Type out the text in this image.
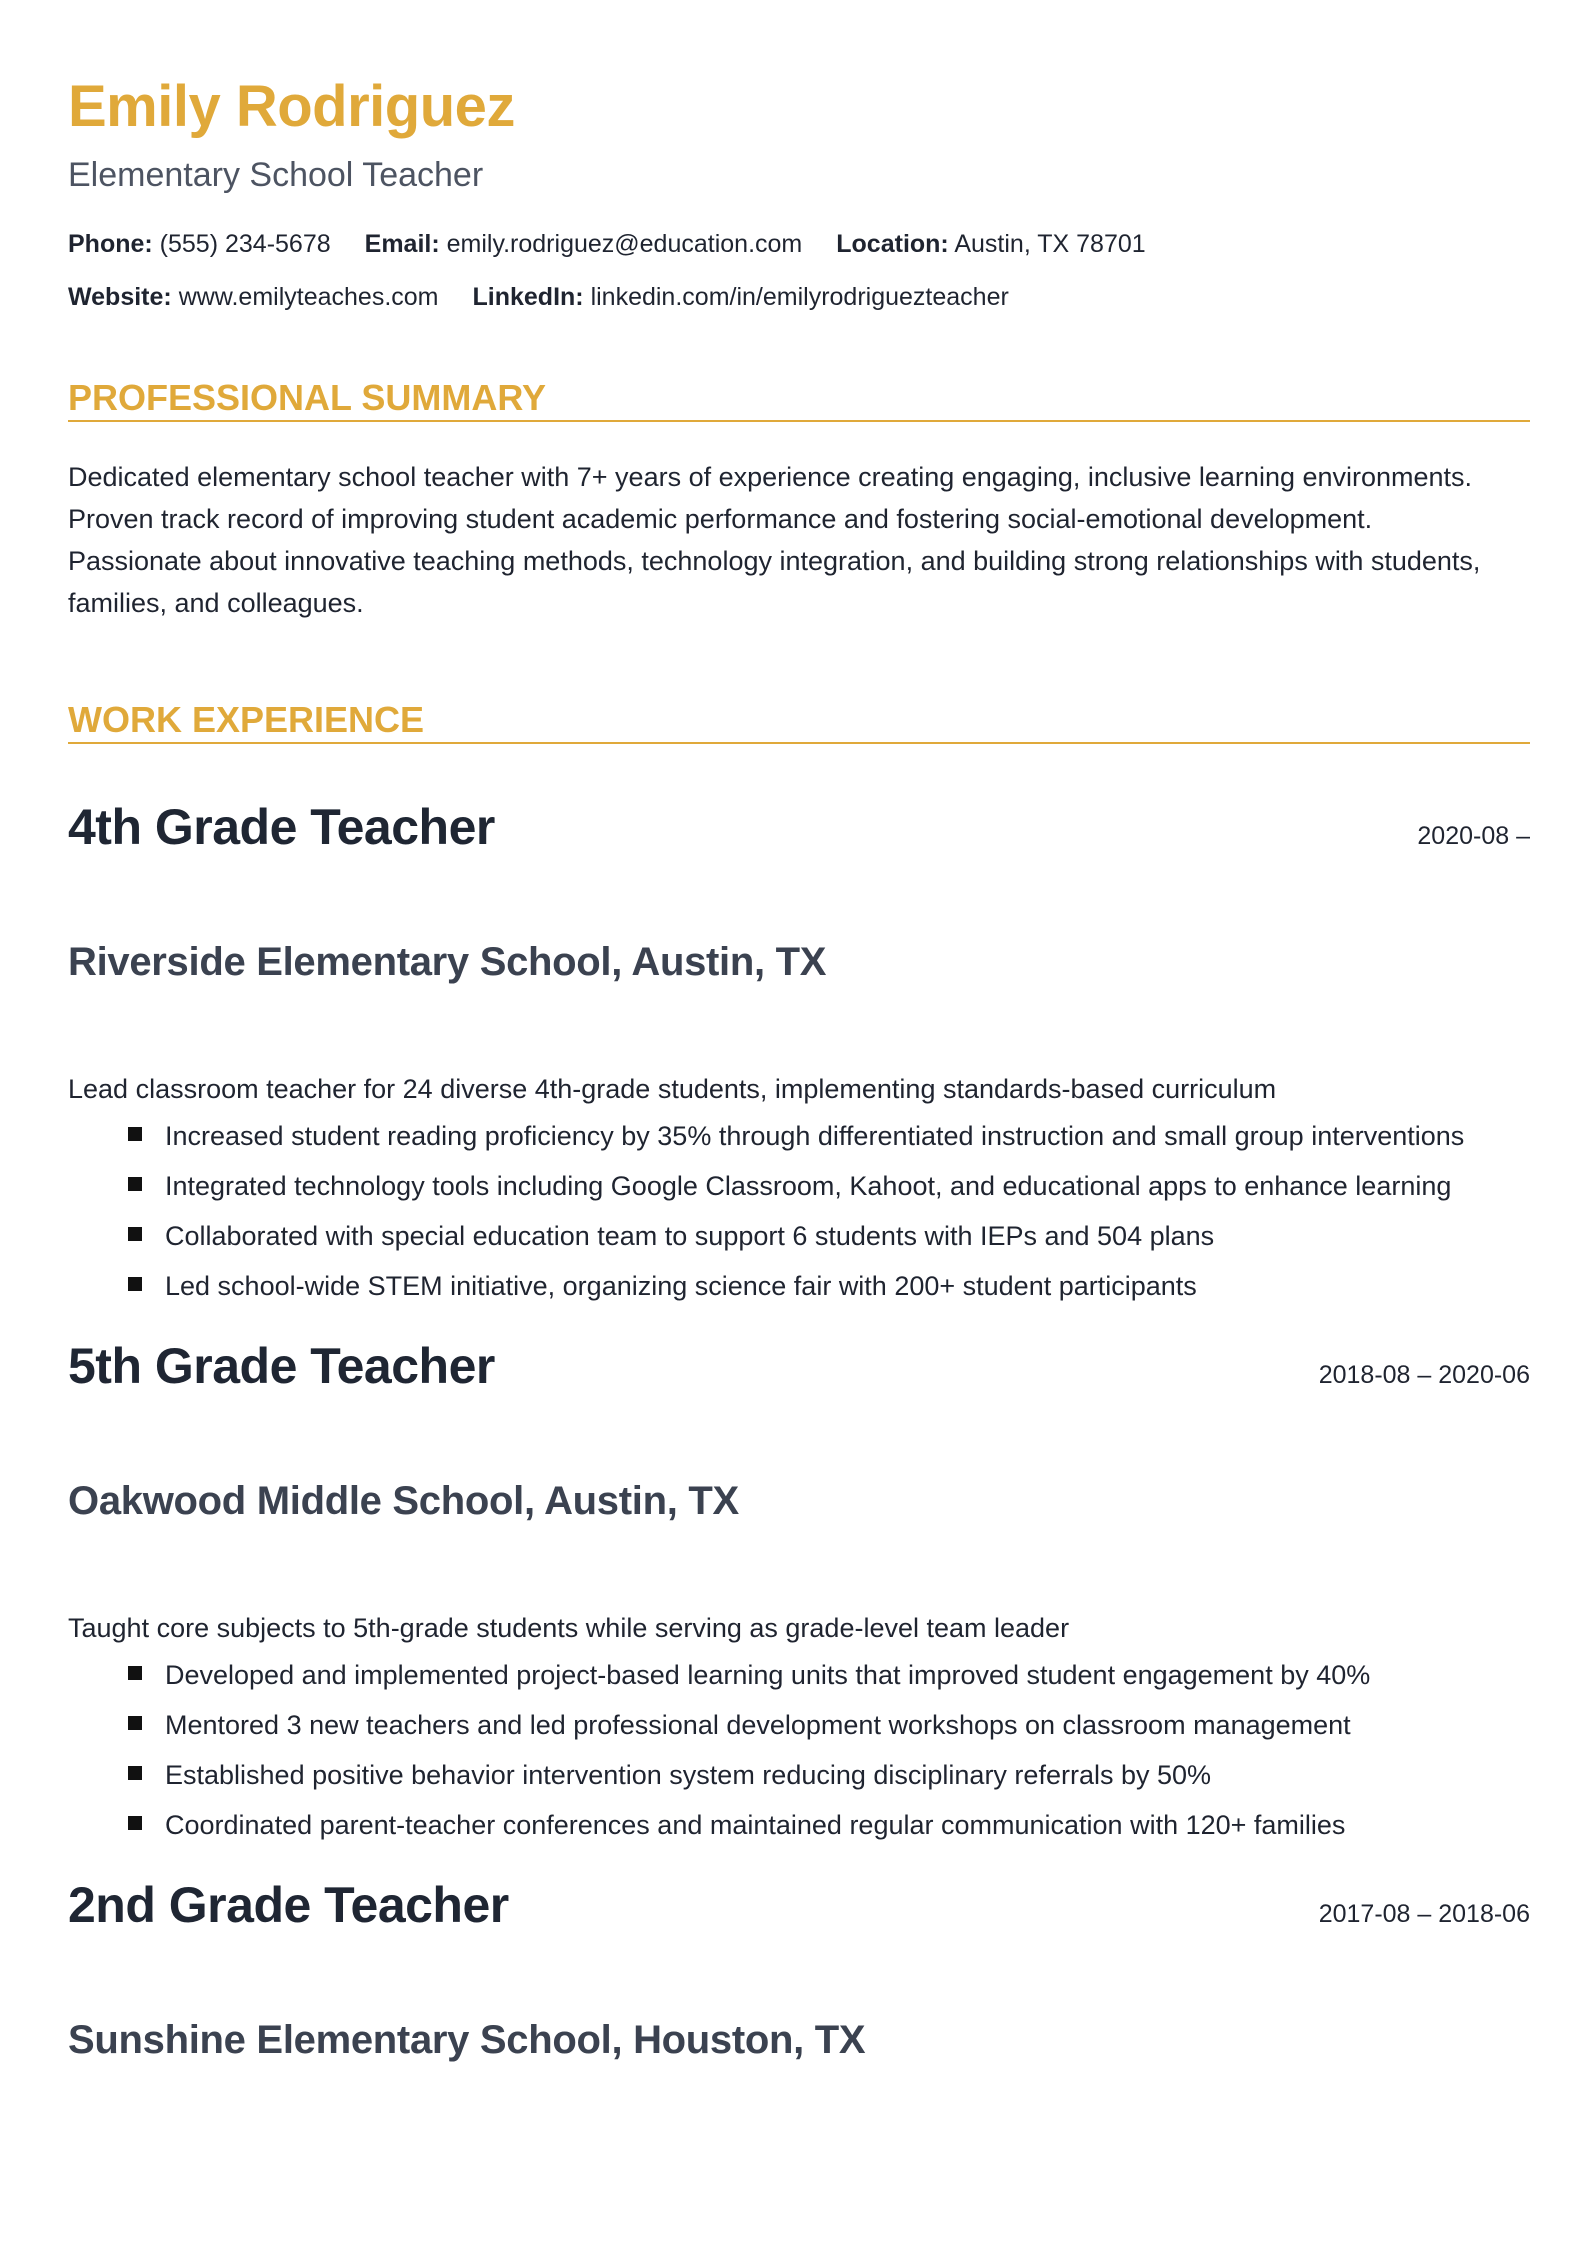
Emily Rodriguez
Elementary School Teacher
Phone: (555) 234-5678 Email: emily.rodriguez@education.com Location: Austin, TX 78701
Website: www.emilyteaches.com LinkedIn: linkedin.com/in/emilyrodriguezteacher
PROFESSIONAL SUMMARY
Dedicated elementary school teacher with 7+ years of experience creating engaging, inclusive learning environments. Proven track record of improving student academic performance and fostering social-emotional development. Passionate about innovative teaching methods, technology integration, and building strong relationships with students, families, and colleagues.
WORK EXPERIENCE
4th Grade Teacher	2020-08 –
Riverside Elementary School, Austin, TX
Lead classroom teacher for 24 diverse 4th-grade students, implementing standards-based curriculum
Increased student reading proficiency by 35% through differentiated instruction and small group interventions
Integrated technology tools including Google Classroom, Kahoot, and educational apps to enhance learning
Collaborated with special education team to support 6 students with IEPs and 504 plans
Led school-wide STEM initiative, organizing science fair with 200+ student participants
5th Grade Teacher	2018-08 – 2020-06
Oakwood Middle School, Austin, TX
Taught core subjects to 5th-grade students while serving as grade-level team leader
Developed and implemented project-based learning units that improved student engagement by 40%
Mentored 3 new teachers and led professional development workshops on classroom management
Established positive behavior intervention system reducing disciplinary referrals by 50%
Coordinated parent-teacher conferences and maintained regular communication with 120+ families
2nd Grade Teacher	2017-08 – 2018-06
Sunshine Elementary School, Houston, TX
